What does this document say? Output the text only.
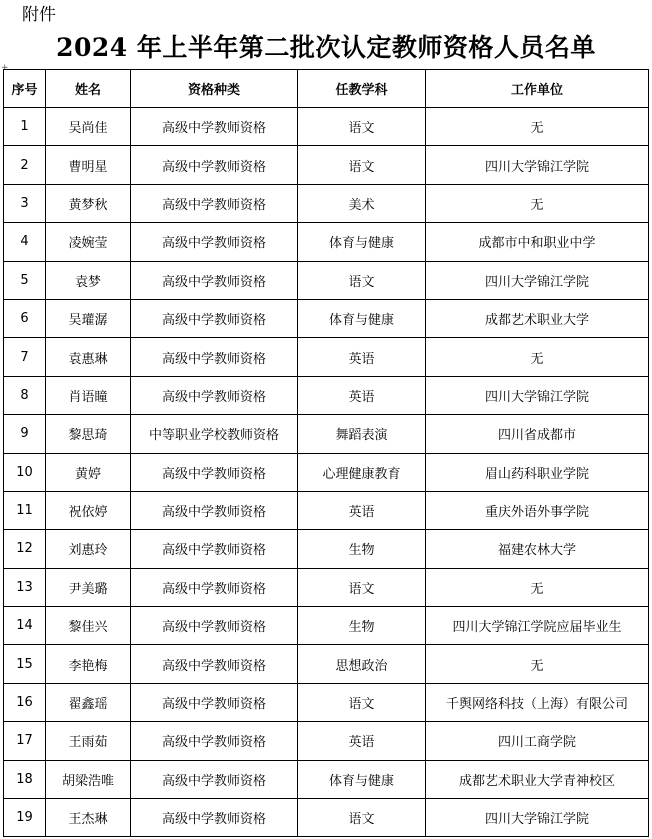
附件
+
2024 年上半年第二批次认定教师资格人员名单
序号	姓名	资格种类	任教学科	工作单位
1	吴尚佳	高级中学教师资格	语文	无
2	曹明星	高级中学教师资格	语文	四川大学锦江学院
3	黄梦秋	高级中学教师资格	美术	无
4	凌婉莹	高级中学教师资格	体育与健康	成都市中和职业中学
5	袁梦	高级中学教师资格	语文	四川大学锦江学院
6	吴瓘潺	高级中学教师资格	体育与健康	成都艺术职业大学
7	袁惠琳	高级中学教师资格	英语	无
8	肖语瞳	高级中学教师资格	英语	四川大学锦江学院
9	黎思琦	中等职业学校教师资格	舞蹈表演	四川省成都市
10	黄婷	高级中学教师资格	心理健康教育	眉山药科职业学院
11	祝依婷	高级中学教师资格	英语	重庆外语外事学院
12	刘惠玲	高级中学教师资格	生物	福建农林大学
13	尹美璐	高级中学教师资格	语文	无
14	黎佳兴	高级中学教师资格	生物	四川大学锦江学院应届毕业生
15	李艳梅	高级中学教师资格	思想政治	无
16	翟鑫瑶	高级中学教师资格	语文	千舆网络科技（上海）有限公司
17	王雨茹	高级中学教师资格	英语	四川工商学院
18	胡梁浩唯	高级中学教师资格	体育与健康	成都艺术职业大学青神校区
19	王杰琳	高级中学教师资格	语文	四川大学锦江学院
